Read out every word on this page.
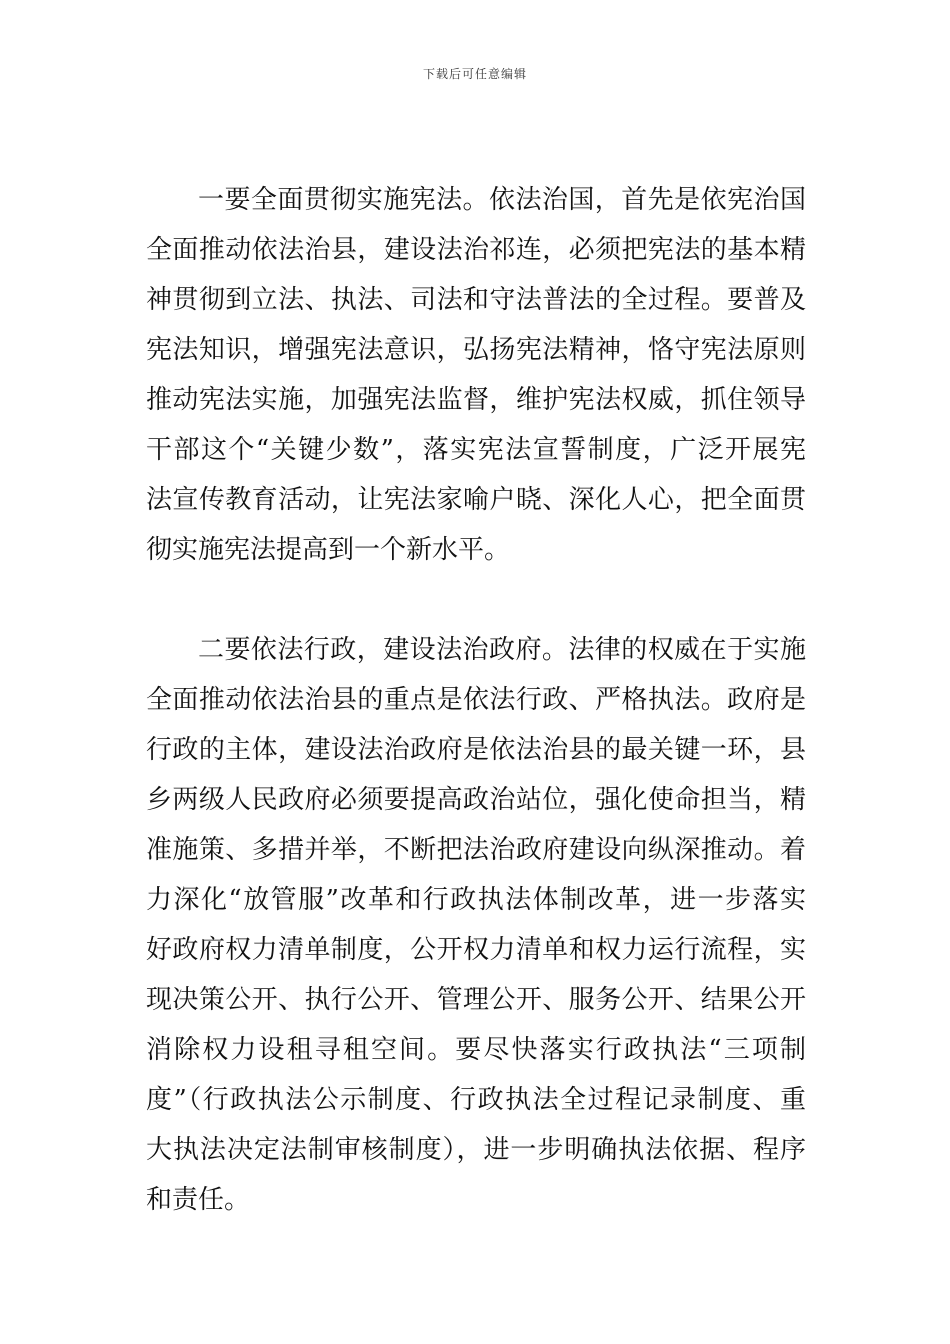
下载后可任意编辑

一要全面贯彻实施宪法。依法治国，首先是依宪治国
全面推动依法治县，建设法治祁连，必须把宪法的基本精
神贯彻到立法、执法、司法和守法普法的全过程。要普及
宪法知识，增强宪法意识，弘扬宪法精神，恪守宪法原则
推动宪法实施，加强宪法监督，维护宪法权威，抓住领导
干部这个“关键少数”，落实宪法宣誓制度，广泛开展宪
法宣传教育活动，让宪法家喻户晓、深化人心，把全面贯
彻实施宪法提高到一个新水平。

二要依法行政，建设法治政府。法律的权威在于实施
全面推动依法治县的重点是依法行政、严格执法。政府是
行政的主体，建设法治政府是依法治县的最关键一环，县
乡两级人民政府必须要提高政治站位，强化使命担当，精
准施策、多措并举，不断把法治政府建设向纵深推动。着
力深化“放管服”改革和行政执法体制改革，进一步落实
好政府权力清单制度，公开权力清单和权力运行流程，实
现决策公开、执行公开、管理公开、服务公开、结果公开
消除权力设租寻租空间。要尽快落实行政执法“三项制
度”（行政执法公示制度、行政执法全过程记录制度、重
大执法决定法制审核制度），进一步明确执法依据、程序
和责任。
